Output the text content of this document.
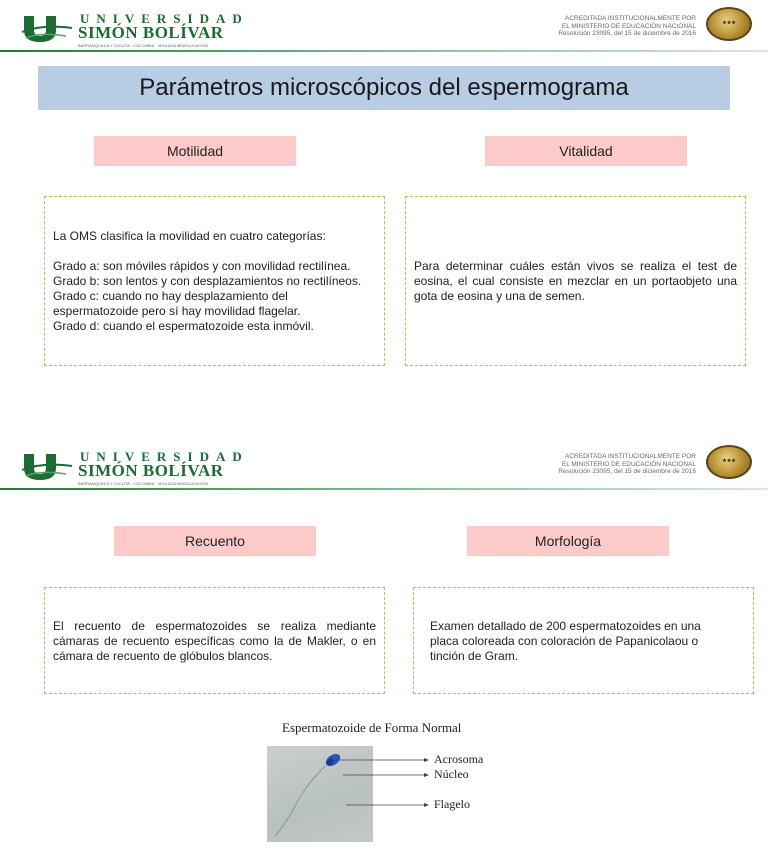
UNIVERSIDAD
SIMÓN BOLÍVAR
BARRANQUILLA Y CÚCUTA - COLOMBIA · VIGILADA MINEDUCACIÓN
ACREDITADA INSTITUCIONALMENTE POR
EL MINISTERIO DE EDUCACIÓN NACIONAL
Resolución 23095, del 15 de diciembre de 2016
★★★
Parámetros microscópicos del espermograma
Motilidad	Vitalidad
La OMS clasifica la movilidad en cuatro categorías:

Grado a: son móviles rápidos y con movilidad rectilínea.
Grado b: son lentos y con desplazamientos no rectilíneos. Grado c: cuando no hay desplazamiento del espermatozoide pero sí hay movilidad flagelar.
Grado d: cuando el espermatozoide esta inmóvil.
Para determinar cuáles están vivos se realiza el test de eosina, el cual consiste en mezclar en un portaobjeto una gota de eosina y una de semen.
UNIVERSIDAD
SIMÓN BOLÍVAR
BARRANQUILLA Y CÚCUTA - COLOMBIA · VIGILADA MINEDUCACIÓN
ACREDITADA INSTITUCIONALMENTE POR
EL MINISTERIO DE EDUCACIÓN NACIONAL
Resolución 23095, del 15 de diciembre de 2016
★★★
Recuento	Morfología
El recuento de espermatozoides se realiza mediante cámaras de recuento específicas como la de Makler, o en cámara de recuento de glóbulos blancos.
Examen detallado de 200 espermatozoides en una placa coloreada con coloración de Papanicolaou o tinción de Gram.
Espermatozoide de Forma Normal
Acrosoma
Núcleo
Flagelo
